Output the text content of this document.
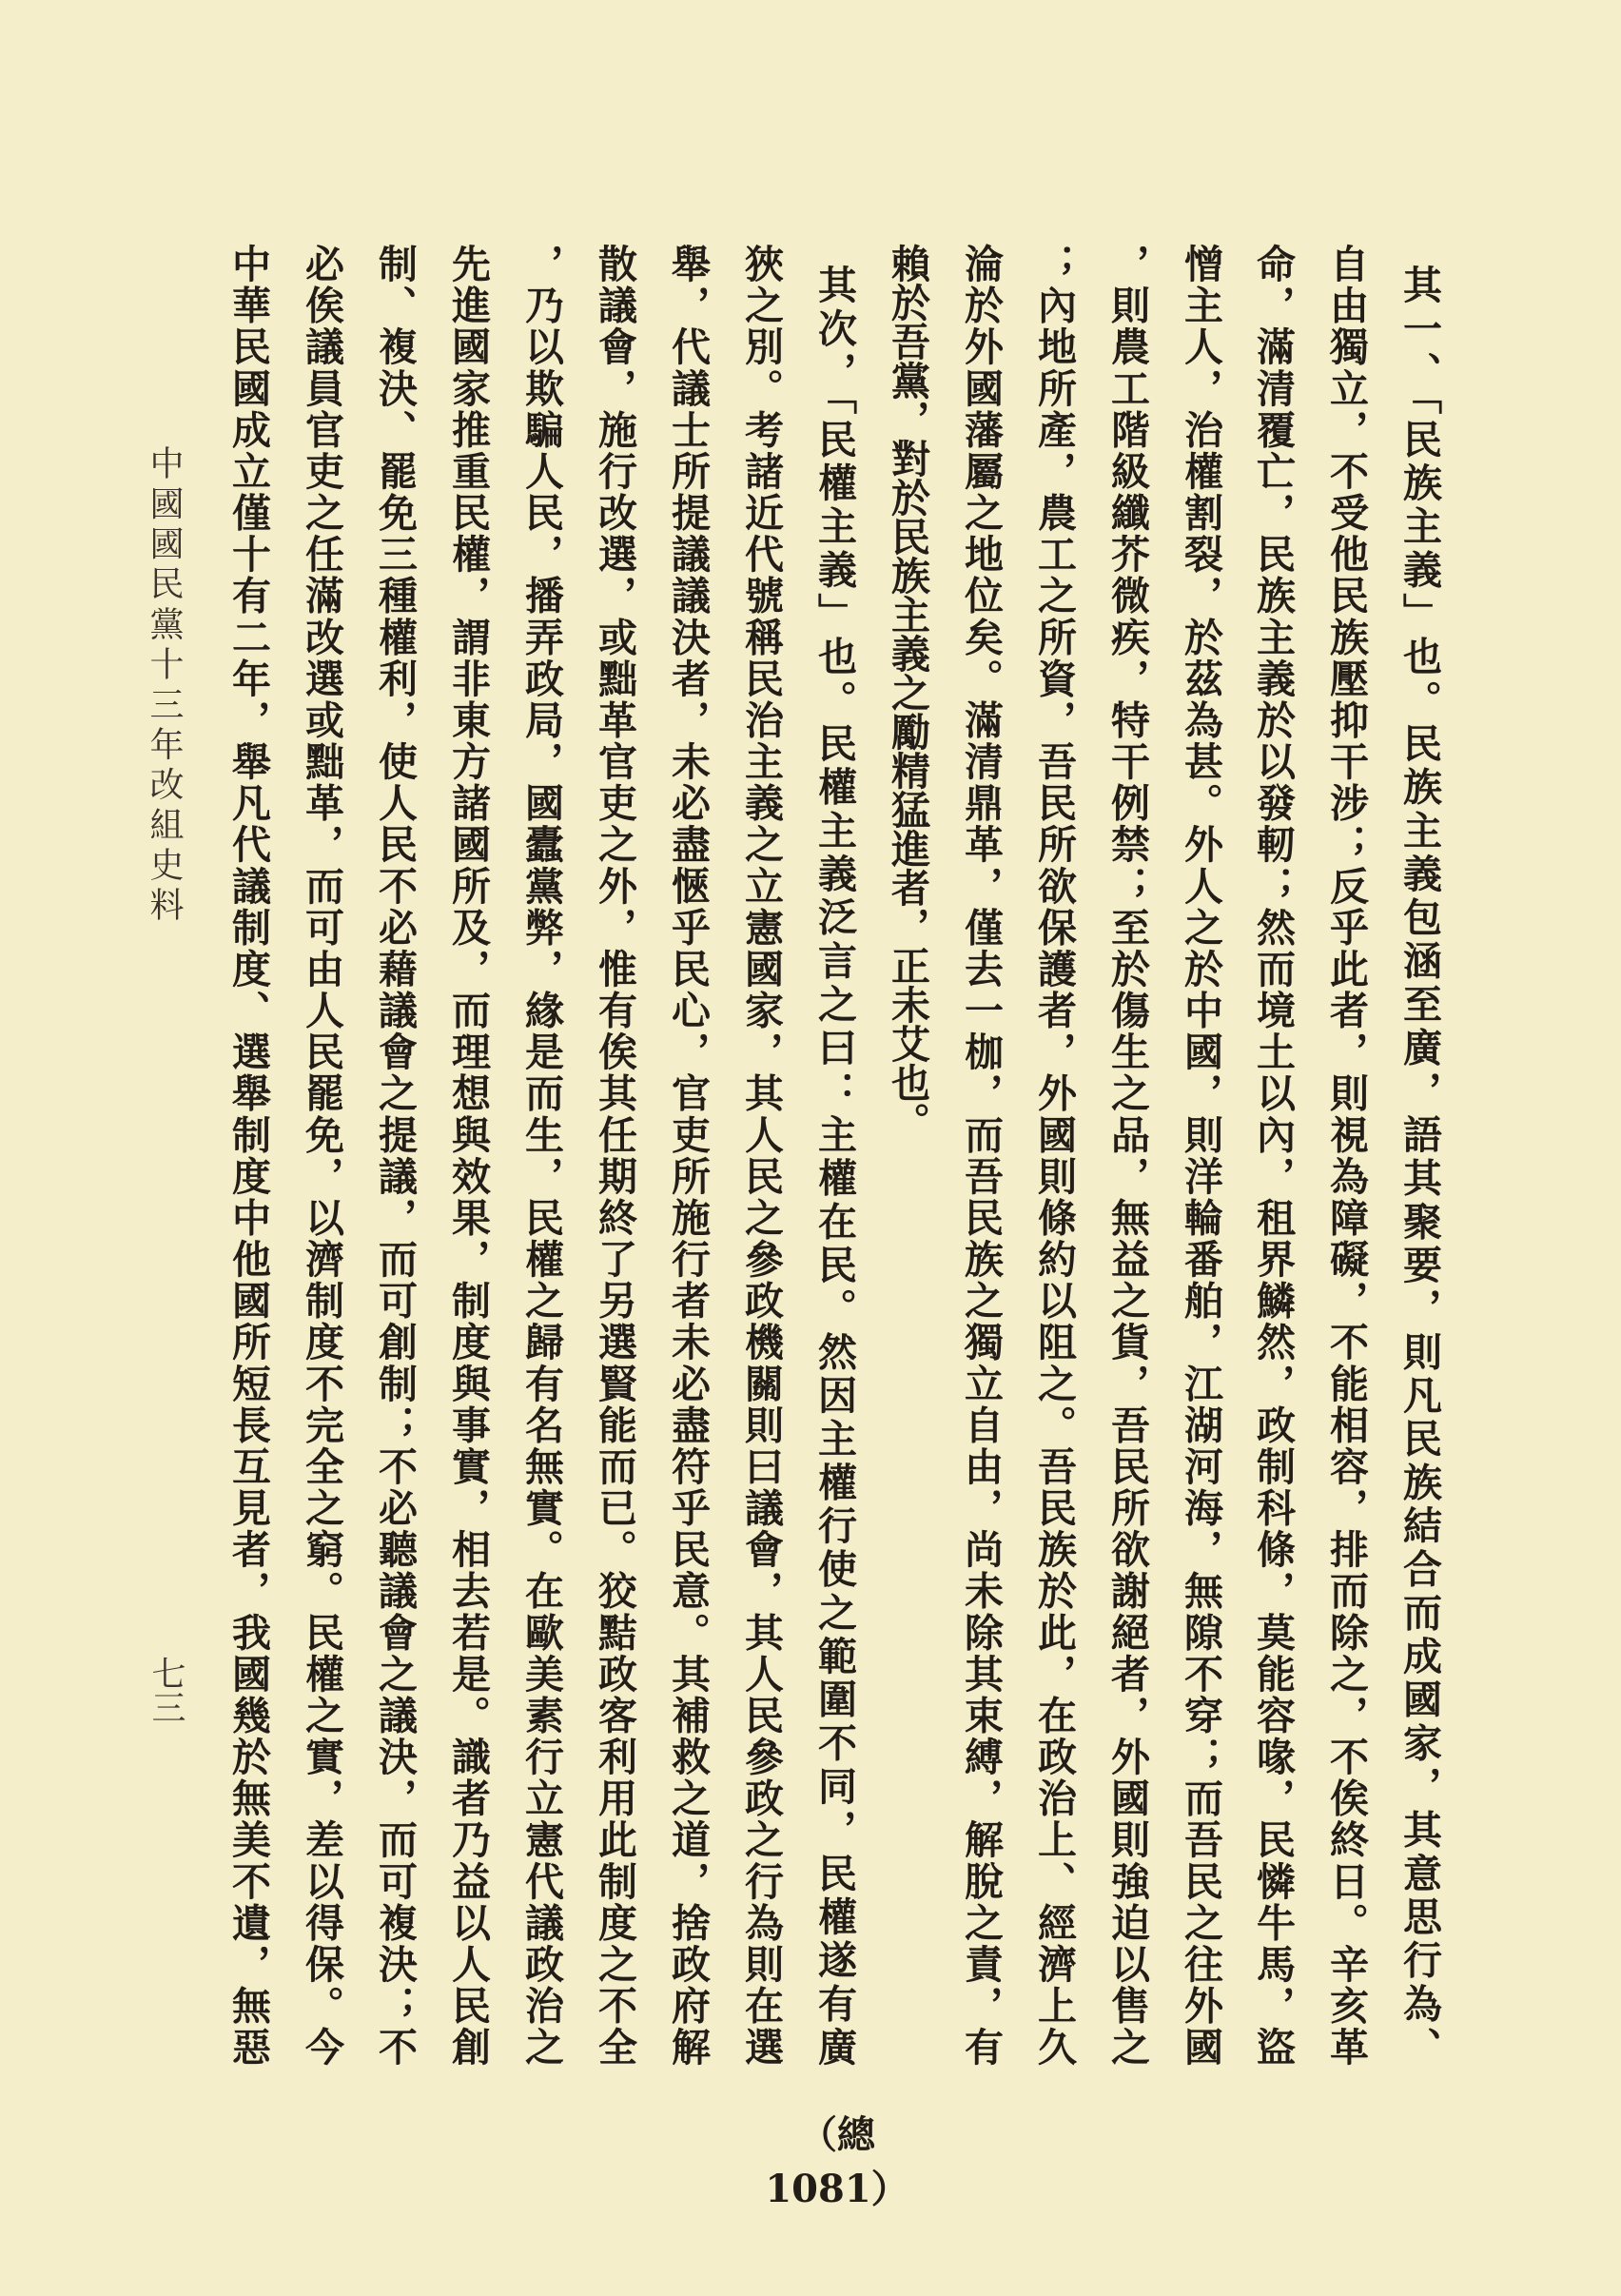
其一、「民族主義」也。民族主義包涵至廣，語其聚要，則凡民族結合而成國家，其意思行為、
自由獨立，不受他民族壓抑干涉；反乎此者，則視為障礙，不能相容，排而除之，不俟終日。辛亥革
命，滿清覆亡，民族主義於以發軔；然而境土以內，租界鱗然，政制科條，莫能容喙，民憐牛馬，盜
憎主人，治權割裂，於茲為甚。外人之於中國，則洋輪番舶，江湖河海，無隙不穿；而吾民之往外國
，則農工階級纖芥微疾，特干例禁；至於傷生之品，無益之貨，吾民所欲謝絕者，外國則強迫以售之
；內地所產，農工之所資，吾民所欲保護者，外國則條約以阻之。吾民族於此，在政治上、經濟上久
淪於外國藩屬之地位矣。滿清鼎革，僅去一枷，而吾民族之獨立自由，尚未除其束縛，解脫之責，有
賴於吾黨，對於民族主義之勵精猛進者，正未艾也。
其次，「民權主義」也。民權主義泛言之曰：主權在民。然因主權行使之範圍不同，民權遂有廣
狹之別。考諸近代號稱民治主義之立憲國家，其人民之參政機關則曰議會，其人民參政之行為則在選
舉，代議士所提議議決者，未必盡愜乎民心，官吏所施行者未必盡符乎民意。其補救之道，捨政府解
散議會，施行改選，或黜革官吏之外，惟有俟其任期終了另選賢能而已。狡黠政客利用此制度之不全
，乃以欺騙人民，播弄政局，國蠹黨弊，緣是而生，民權之歸有名無實。在歐美素行立憲代議政治之
先進國家推重民權，謂非東方諸國所及，而理想與效果，制度與事實，相去若是。識者乃益以人民創
制、複決、罷免三種權利，使人民不必藉議會之提議，而可創制；不必聽議會之議決，而可複決；不
必俟議員官吏之任滿改選或黜革，而可由人民罷免，以濟制度不完全之窮。民權之實，差以得保。今
中華民國成立僅十有二年，舉凡代議制度、選舉制度中他國所短長互見者，我國幾於無美不遺，無惡
中國國民黨十三年改組史料
七三
（總1081）
